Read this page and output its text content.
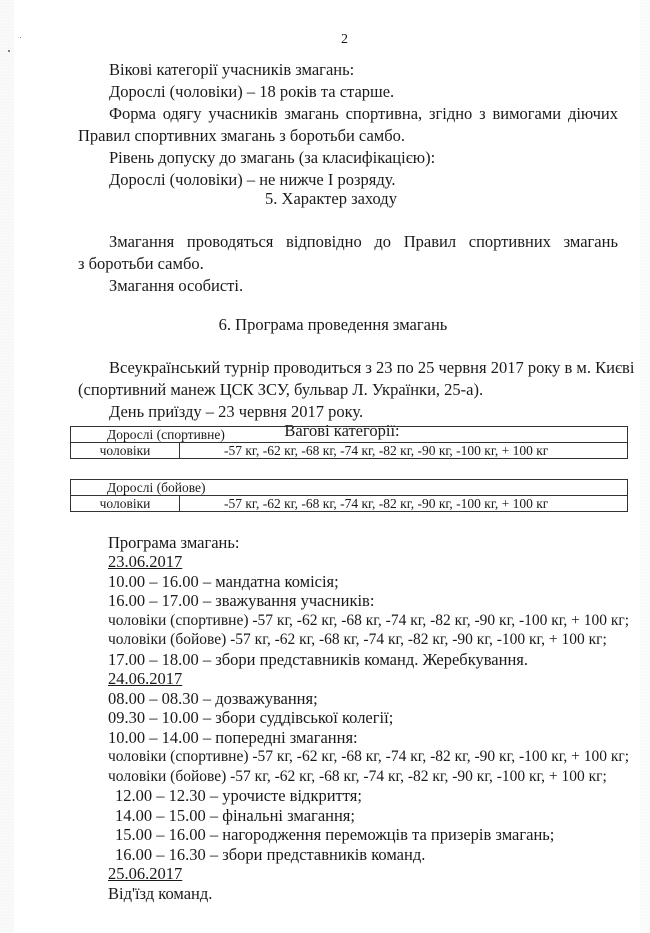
2
Вікові категорії учасників змагань:
Дорослі (чоловіки) – 18 років та старше.
Форма одягу учасників змагань спортивна, згідно з вимогами діючих
Правил спортивних змагань з боротьби самбо.
Рівень допуску до змагань (за класифікацією):
Дорослі (чоловіки) – не нижче І розряду.
5. Характер заходу
Змагання проводяться відповідно до Правил спортивних змагань
з боротьби самбо.
Змагання особисті.
6. Програма проведення змагань
Всеукраїнський турнір проводиться з 23 по 25 червня 2017 року в м. Києві
(спортивний манеж ЦСК ЗСУ, бульвар Л. Українки, 25-а).
День приїзду – 23 червня 2017 року.
Вагові категорії:
Дорослі (спортивне)
чоловіки	-57 кг, -62 кг, -68 кг, -74 кг, -82 кг, -90 кг, -100 кг, + 100 кг
Дорослі (бойове)
чоловіки	-57 кг, -62 кг, -68 кг, -74 кг, -82 кг, -90 кг, -100 кг, + 100 кг
Програма змагань:
23.06.2017
10.00 – 16.00 – мандатна комісія;
16.00 – 17.00 – зважування учасників:
чоловіки (спортивне) -57 кг, -62 кг, -68 кг, -74 кг, -82 кг, -90 кг, -100 кг, + 100 кг;
чоловіки (бойове) -57 кг, -62 кг, -68 кг, -74 кг, -82 кг, -90 кг, -100 кг, + 100 кг;
17.00 – 18.00 – збори представників команд. Жеребкування.
24.06.2017
08.00 – 08.30 – дозважування;
09.30 – 10.00 – збори суддівської колегії;
10.00 – 14.00 – попередні змагання:
чоловіки (спортивне) -57 кг, -62 кг, -68 кг, -74 кг, -82 кг, -90 кг, -100 кг, + 100 кг;
чоловіки (бойове) -57 кг, -62 кг, -68 кг, -74 кг, -82 кг, -90 кг, -100 кг, + 100 кг;
12.00 – 12.30 – урочисте відкриття;
14.00 – 15.00 – фінальні змагання;
15.00 – 16.00 – нагородження переможців та призерів змагань;
16.00 – 16.30 – збори представників команд.
25.06.2017
Від'їзд команд.
